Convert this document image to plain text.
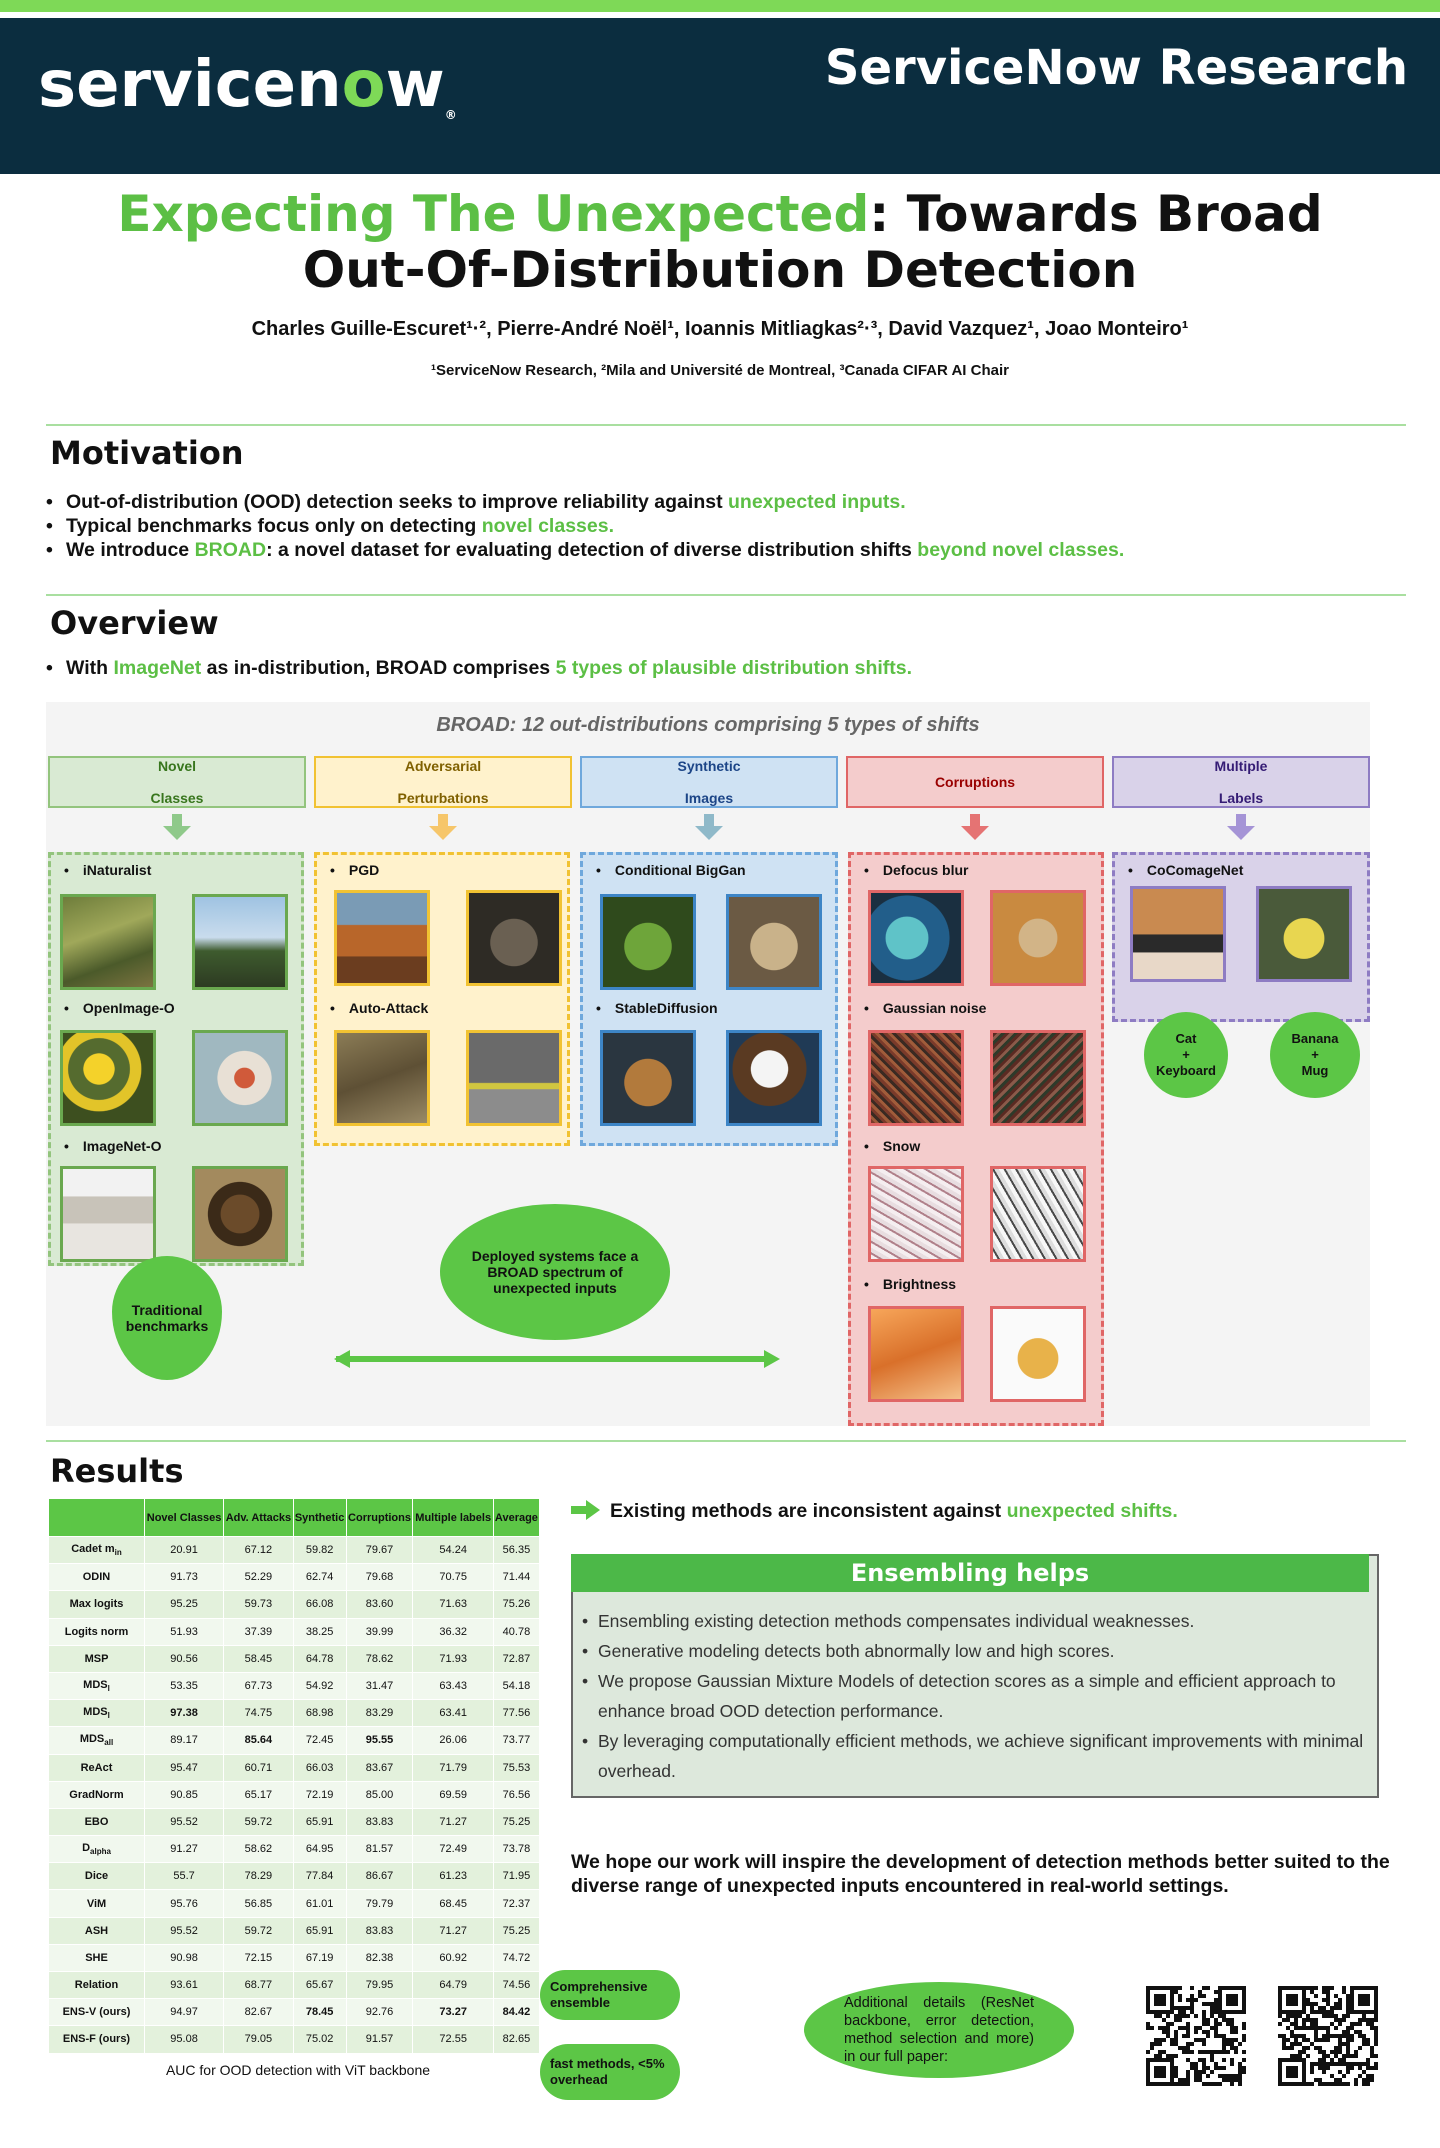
servicenow®
ServiceNow Research
Expecting The Unexpected: Towards Broad
Out-Of-Distribution Detection
Charles Guille-Escuret¹·², Pierre-André Noël¹, Ioannis Mitliagkas²·³, David Vazquez¹, Joao Monteiro¹
¹ServiceNow Research, ²Mila and Université de Montreal, ³Canada CIFAR AI Chair
Motivation
• Out-of-distribution (OOD) detection seeks to improve reliability against unexpected inputs.
• Typical benchmarks focus only on detecting novel classes.
• We introduce BROAD: a novel dataset for evaluating detection of diverse distribution shifts beyond novel classes.
Overview
• With ImageNet as in-distribution, BROAD comprises 5 types of plausible distribution shifts.
BROAD: 12 out-distributions comprising 5 types of shifts
Novel

Classes
Adversarial

Perturbations
Synthetic

Images
Corruptions
Multiple

Labels
• iNaturalist
• OpenImage-O
• ImageNet-O
• PGD
• Auto-Attack
• Conditional BigGan
• StableDiffusion
• Defocus blur
• Gaussian noise
• Snow
• Brightness
• CoComageNet
Traditional benchmarks
Deployed systems face a BROAD spectrum of unexpected inputs
Cat
+
Keyboard
Banana
+
Mug
Results
	Novel Classes	Adv. Attacks	Synthetic	Corruptions	Multiple labels	Average
Cadet $m_{in}$	20.91	67.12	59.82	79.67	54.24	56.35
ODIN	91.73	52.29	62.74	79.68	70.75	71.44
Max logits	95.25	59.73	66.08	83.60	71.63	75.26
Logits norm	51.93	37.39	38.25	39.99	36.32	40.78
MSP	90.56	58.45	64.78	78.62	71.93	72.87
$MDS_l$	53.35	67.73	54.92	31.47	63.43	54.18
$MDS_l$	97.38	74.75	68.98	83.29	63.41	77.56
$MDS_{all}$	89.17	85.64	72.45	95.55	26.06	73.77
ReAct	95.47	60.71	66.03	83.67	71.79	75.53
GradNorm	90.85	65.17	72.19	85.00	69.59	76.56
EBO	95.52	59.72	65.91	83.83	71.27	75.25
$D_{alpha}$	91.27	58.62	64.95	81.57	72.49	73.78
Dice	55.7	78.29	77.84	86.67	61.23	71.95
ViM	95.76	56.85	61.01	79.79	68.45	72.37
ASH	95.52	59.72	65.91	83.83	71.27	75.25
SHE	90.98	72.15	67.19	82.38	60.92	74.72
Relation	93.61	68.77	65.67	79.95	64.79	74.56
ENS-V (ours)	94.97	82.67	78.45	92.76	73.27	84.42
ENS-F (ours)	95.08	79.05	75.02	91.57	72.55	82.65
AUC for OOD detection with ViT backbone
Comprehensive ensemble
fast methods, <5% overhead
Existing methods are inconsistent against unexpected shifts.
Ensembling helps
• Ensembling existing detection methods compensates individual weaknesses.
• Generative modeling detects both abnormally low and high scores.
• We propose Gaussian Mixture Models of detection scores as a simple and efficient approach to enhance broad OOD detection performance.
• By leveraging computationally efficient methods, we achieve significant improvements with minimal overhead.
We hope our work will inspire the development of detection methods better suited to the diverse range of unexpected inputs encountered in real-world settings.
Additional details (ResNet backbone, error detection, method selection and more) in our full paper:
